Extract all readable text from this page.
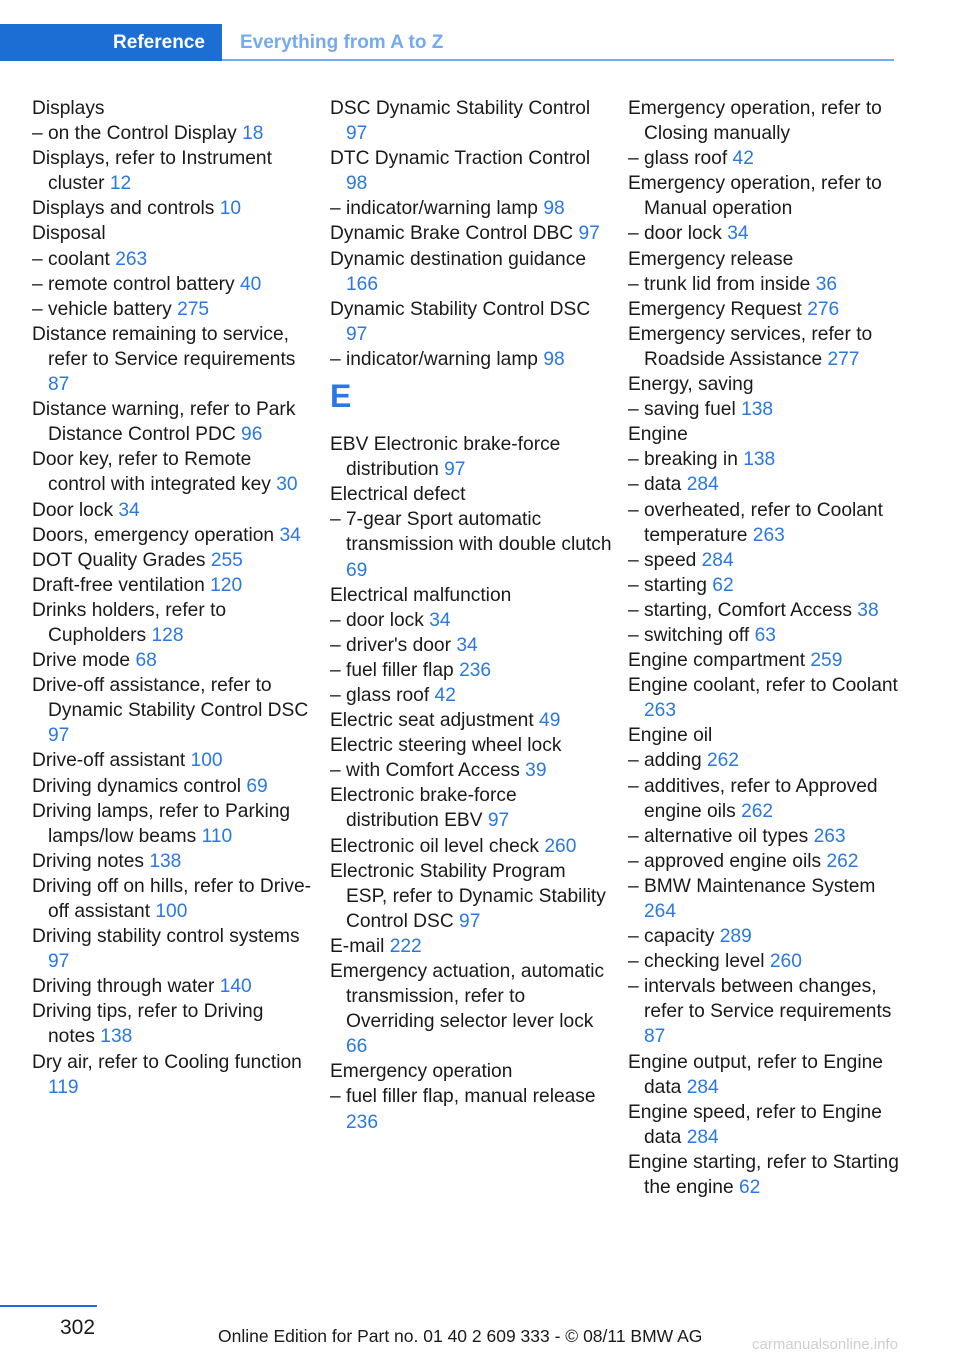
Reference	Everything from A to Z
Displays
– on the Control Display 18
Displays, refer to Instrument cluster 12
Displays and controls 10
Disposal
– coolant 263
– remote control battery 40
– vehicle battery 275
Distance remaining to service, refer to Service requirements 87
Distance warning, refer to Park Distance Control PDC 96
Door key, refer to Remote control with integrated key 30
Door lock 34
Doors, emergency operation 34
DOT Quality Grades 255
Draft-free ventilation 120
Drinks holders, refer to Cupholders 128
Drive mode 68
Drive-off assistance, refer to Dynamic Stability Control DSC 97
Drive-off assistant 100
Driving dynamics control 69
Driving lamps, refer to Parking lamps/low beams 110
Driving notes 138
Driving off on hills, refer to Drive-off assistant 100
Driving stability control systems 97
Driving through water 140
Driving tips, refer to Driving notes 138
Dry air, refer to Cooling function 119
DSC Dynamic Stability Control 97
DTC Dynamic Traction Control 98
– indicator/warning lamp 98
Dynamic Brake Control DBC 97
Dynamic destination guidance 166
Dynamic Stability Control DSC 97
– indicator/warning lamp 98
E
EBV Electronic brake-force distribution 97
Electrical defect
– 7-gear Sport automatic transmission with double clutch 69
Electrical malfunction
– door lock 34
– driver's door 34
– fuel filler flap 236
– glass roof 42
Electric seat adjustment 49
Electric steering wheel lock
– with Comfort Access 39
Electronic brake-force distribution EBV 97
Electronic oil level check 260
Electronic Stability Program ESP, refer to Dynamic Stability Control DSC 97
E-mail 222
Emergency actuation, automatic transmission, refer to Overriding selector lever lock 66
Emergency operation
– fuel filler flap, manual release 236
Emergency operation, refer to Closing manually
– glass roof 42
Emergency operation, refer to Manual operation
– door lock 34
Emergency release
– trunk lid from inside 36
Emergency Request 276
Emergency services, refer to Roadside Assistance 277
Energy, saving
– saving fuel 138
Engine
– breaking in 138
– data 284
– overheated, refer to Coolant temperature 263
– speed 284
– starting 62
– starting, Comfort Access 38
– switching off 63
Engine compartment 259
Engine coolant, refer to Coolant 263
Engine oil
– adding 262
– additives, refer to Approved engine oils 262
– alternative oil types 263
– approved engine oils 262
– BMW Maintenance System 264
– capacity 289
– checking level 260
– intervals between changes, refer to Service requirements 87
Engine output, refer to Engine data 284
Engine speed, refer to Engine data 284
Engine starting, refer to Starting the engine 62
302	Online Edition for Part no. 01 40 2 609 333 - © 08/11 BMW AG	carmanualsonline.info
